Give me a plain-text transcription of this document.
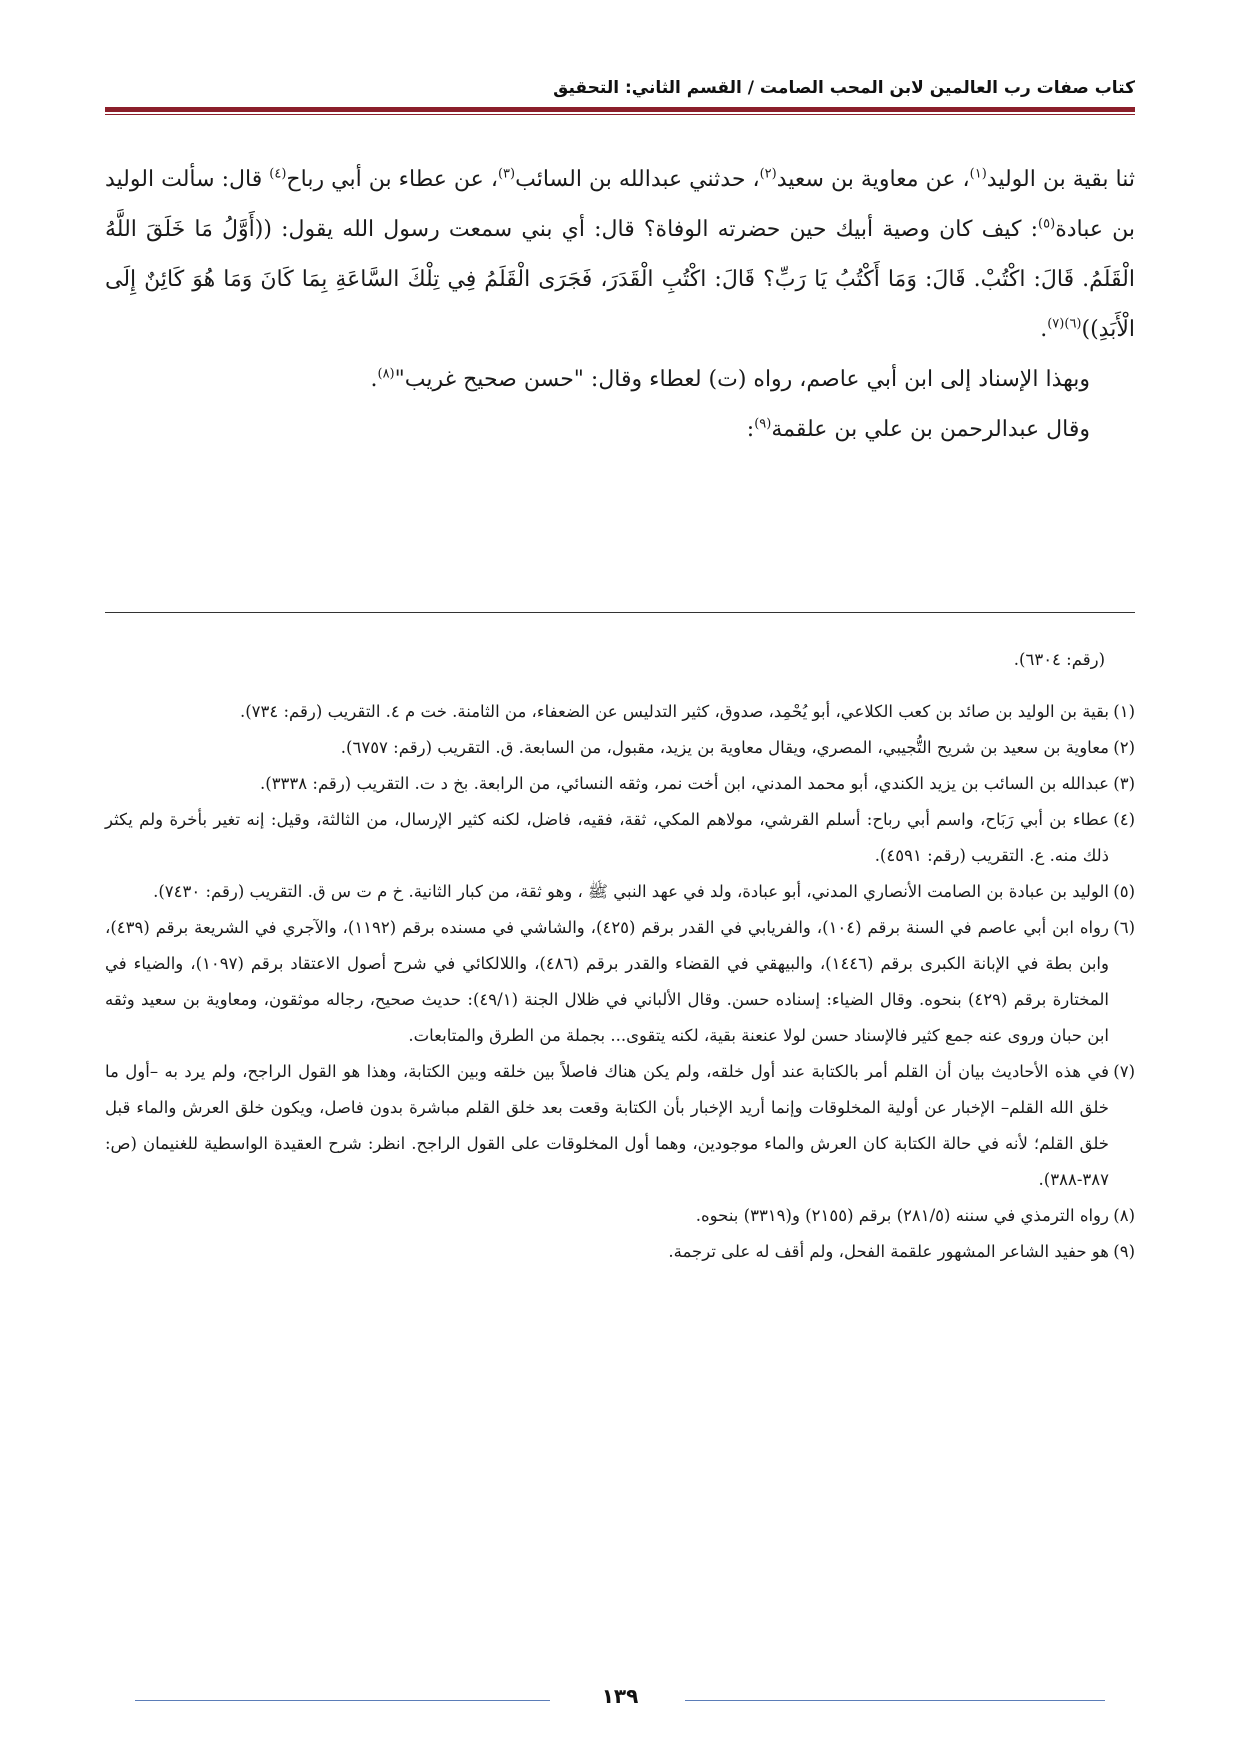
كتاب صفات رب العالمين لابن المحب الصامت / القسم الثاني: التحقيق

ثنا بقية بن الوليد$^{(١)}$، عن معاوية بن سعيد$^{(٢)}$، حدثني عبدالله بن السائب$^{(٣)}$، عن عطاء بن أبي رباح$^{(٤)}$ قال: سألت الوليد بن عبادة$^{(٥)}$: كيف كان وصية أبيك حين حضرته الوفاة؟ قال: أي بني سمعت رسول الله يقول: ((أَوَّلُ مَا خَلَقَ اللَّهُ الْقَلَمُ. قَالَ: اكْتُبْ. قَالَ: وَمَا أَكْتُبُ يَا رَبِّ؟ قَالَ: اكْتُبِ الْقَدَرَ، فَجَرَى الْقَلَمُ فِي تِلْكَ السَّاعَةِ بِمَا كَانَ وَمَا هُوَ كَائِنٌ إِلَى الْأَبَدِ))$^{(٦)(٧)}$.

وبهذا الإسناد إلى ابن أبي عاصم، رواه (ت) لعطاء وقال: "حسن صحيح غريب"$^{(٨)}$.

وقال عبدالرحمن بن علي بن علقمة$^{(٩)}$:

(رقم: ٦٣٠٤).

(١)
بقية بن الوليد بن صائد بن كعب الكلاعي، أبو يُحْمِد، صدوق، كثير التدليس عن الضعفاء، من الثامنة. خت م ٤. التقريب (رقم: ٧٣٤).
(٢)
معاوية بن سعيد بن شريح التُّجيبي، المصري، ويقال معاوية بن يزيد، مقبول، من السابعة. ق. التقريب (رقم: ٦٧٥٧).
(٣)
عبدالله بن السائب بن يزيد الكندي، أبو محمد المدني، ابن أخت نمر، وثقه النسائي، من الرابعة. بخ د ت. التقريب (رقم: ٣٣٣٨).
(٤)
عطاء بن أبي رَبَاح، واسم أبي رباح: أسلم القرشي، مولاهم المكي، ثقة، فقيه، فاضل، لكنه كثير الإرسال، من الثالثة، وقيل: إنه تغير بأخرة ولم يكثر ذلك منه. ع. التقريب (رقم: ٤٥٩١).
(٥)
الوليد بن عبادة بن الصامت الأنصاري المدني، أبو عبادة، ولد في عهد النبي ﷺ ، وهو ثقة، من كبار الثانية. خ م ت س ق. التقريب (رقم: ٧٤٣٠).
(٦)
رواه ابن أبي عاصم في السنة برقم (١٠٤)، والفريابي في القدر برقم (٤٢٥)، والشاشي في مسنده برقم (١١٩٢)، والآجري في الشريعة برقم (٤٣٩)، وابن بطة في الإبانة الكبرى برقم (١٤٤٦)، والبيهقي في القضاء والقدر برقم (٤٨٦)، واللالكائي في شرح أصول الاعتقاد برقم (١٠٩٧)، والضياء في المختارة برقم (٤٢٩) بنحوه. وقال الضياء: إسناده حسن. وقال الألباني في ظلال الجنة (٤٩/١): حديث صحيح، رجاله موثقون، ومعاوية بن سعيد وثقه ابن حبان وروى عنه جمع كثير فالإسناد حسن لولا عنعنة بقية، لكنه يتقوى... بجملة من الطرق والمتابعات.
(٧)
في هذه الأحاديث بيان أن القلم أمر بالكتابة عند أول خلقه، ولم يكن هناك فاصلاً بين خلقه وبين الكتابة، وهذا هو القول الراجح، ولم يرد به –أول ما خلق الله القلم– الإخبار عن أولية المخلوقات وإنما أريد الإخبار بأن الكتابة وقعت بعد خلق القلم مباشرة بدون فاصل، ويكون خلق العرش والماء قبل خلق القلم؛ لأنه في حالة الكتابة كان العرش والماء موجودين، وهما أول المخلوقات على القول الراجح. انظر: شرح العقيدة الواسطية للغنيمان (ص: ٣٨٧-٣٨٨).
(٨)
رواه الترمذي في سننه (٢٨١/٥) برقم (٢١٥٥) و(٣٣١٩) بنحوه.
(٩)
هو حفيد الشاعر المشهور علقمة الفحل، ولم أقف له على ترجمة.
١٣٩
